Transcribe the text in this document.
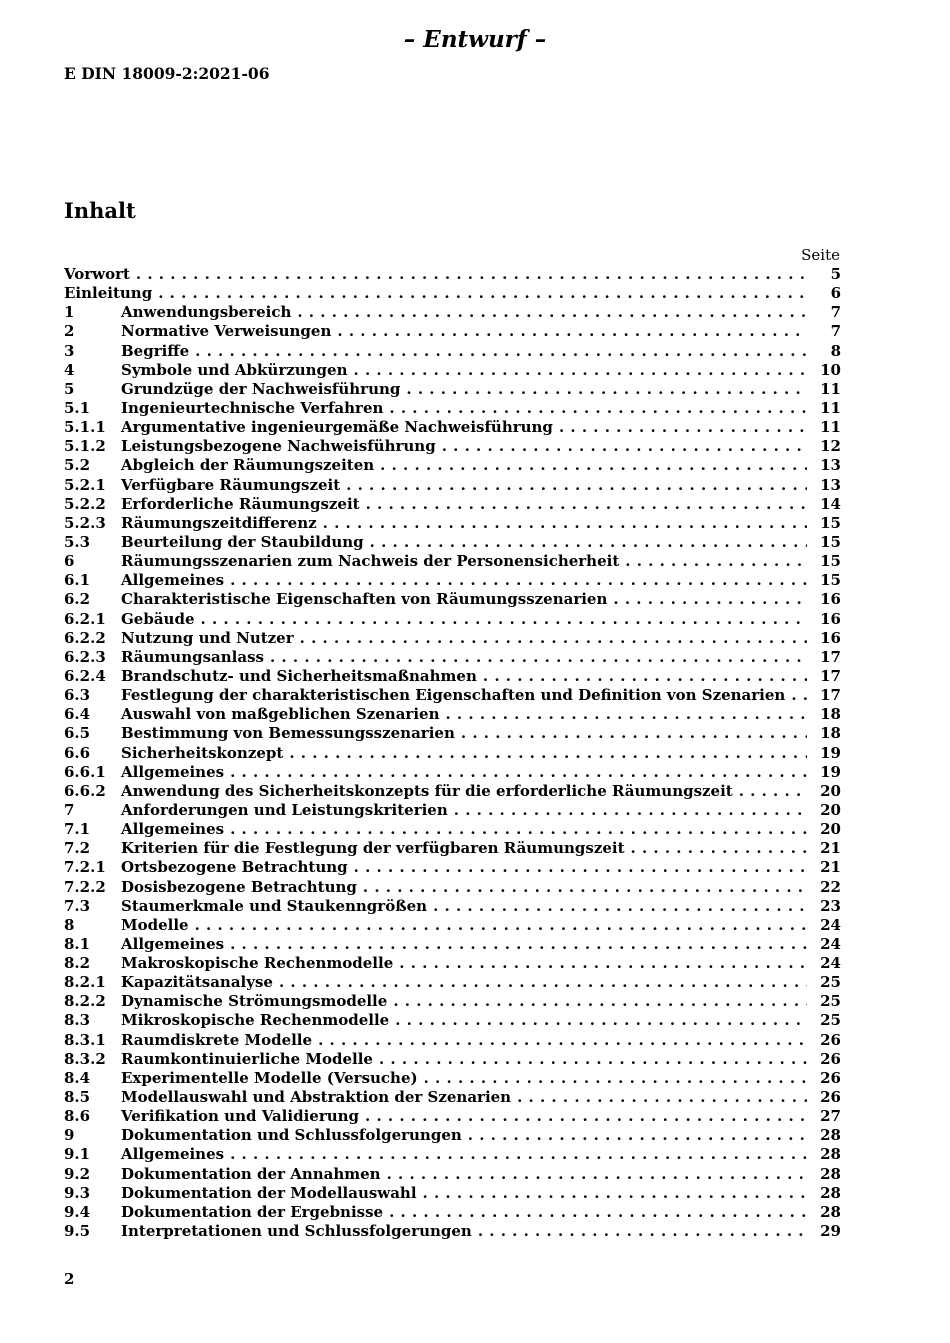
– Entwurf –
E DIN 18009-2:2021-06
Inhalt
Seite
Vorwort . . .	5
Einleitung . . .	6
1	Anwendungsbereich . . .	7
2	Normative Verweisungen . . .	7
3	Begriffe . . .	8
4	Symbole und Abkürzungen . . .	10
5	Grundzüge der Nachweisführung . . .	11
5.1	Ingenieurtechnische Verfahren . . .	11
5.1.1	Argumentative ingenieurgemäße Nachweisführung . . .	11
5.1.2	Leistungsbezogene Nachweisführung . . .	12
5.2	Abgleich der Räumungszeiten . . .	13
5.2.1	Verfügbare Räumungszeit . . .	13
5.2.2	Erforderliche Räumungszeit . . .	14
5.2.3	Räumungszeitdifferenz . . .	15
5.3	Beurteilung der Staubildung . . .	15
6	Räumungsszenarien zum Nachweis der Personensicherheit . . .	15
6.1	Allgemeines . . .	15
6.2	Charakteristische Eigenschaften von Räumungsszenarien . . .	16
6.2.1	Gebäude . . .	16
6.2.2	Nutzung und Nutzer . . .	16
6.2.3	Räumungsanlass . . .	17
6.2.4	Brandschutz- und Sicherheitsmaßnahmen . . .	17
6.3	Festlegung der charakteristischen Eigenschaften und Definition von Szenarien . . .	17
6.4	Auswahl von maßgeblichen Szenarien . . .	18
6.5	Bestimmung von Bemessungsszenarien . . .	18
6.6	Sicherheitskonzept . . .	19
6.6.1	Allgemeines . . .	19
6.6.2	Anwendung des Sicherheitskonzepts für die erforderliche Räumungszeit . . .	20
7	Anforderungen und Leistungskriterien . . .	20
7.1	Allgemeines . . .	20
7.2	Kriterien für die Festlegung der verfügbaren Räumungszeit . . .	21
7.2.1	Ortsbezogene Betrachtung . . .	21
7.2.2	Dosisbezogene Betrachtung . . .	22
7.3	Staumerkmale und Staukenngrößen . . .	23
8	Modelle . . .	24
8.1	Allgemeines . . .	24
8.2	Makroskopische Rechenmodelle . . .	24
8.2.1	Kapazitätsanalyse . . .	25
8.2.2	Dynamische Strömungsmodelle . . .	25
8.3	Mikroskopische Rechenmodelle . . .	25
8.3.1	Raumdiskrete Modelle . . .	26
8.3.2	Raumkontinuierliche Modelle . . .	26
8.4	Experimentelle Modelle (Versuche) . . .	26
8.5	Modellauswahl und Abstraktion der Szenarien . . .	26
8.6	Verifikation und Validierung . . .	27
9	Dokumentation und Schlussfolgerungen . . .	28
9.1	Allgemeines . . .	28
9.2	Dokumentation der Annahmen . . .	28
9.3	Dokumentation der Modellauswahl . . .	28
9.4	Dokumentation der Ergebnisse . . .	28
9.5	Interpretationen und Schlussfolgerungen . . .	29
2
